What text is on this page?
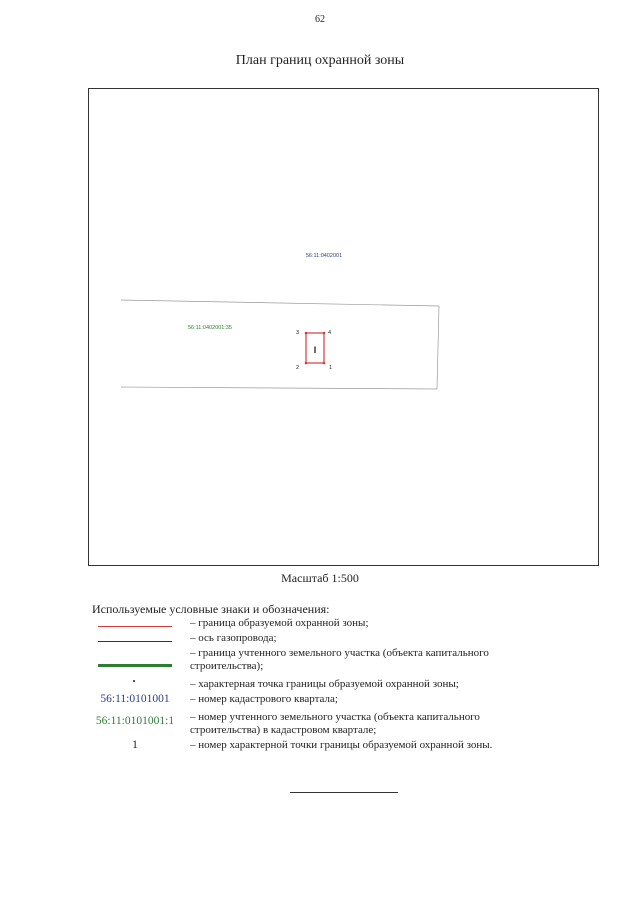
62
План границ охранной зоны
56:11:0402001
56:11:0402001:35
I
3	4
2	1
Масштаб 1:500
Используемые условные знаки и обозначения:
– граница образуемой охранной зоны;
– ось газопровода;
– граница учтенного земельного участка (объекта капитального строительства);
– характерная точка границы образуемой охранной зоны;
56:11:0101001	– номер кадастрового квартала;
56:11:0101001:1	– номер учтенного земельного участка (объекта капитального строительства) в кадастровом квартале;
1	– номер характерной точки границы образуемой охранной зоны.
